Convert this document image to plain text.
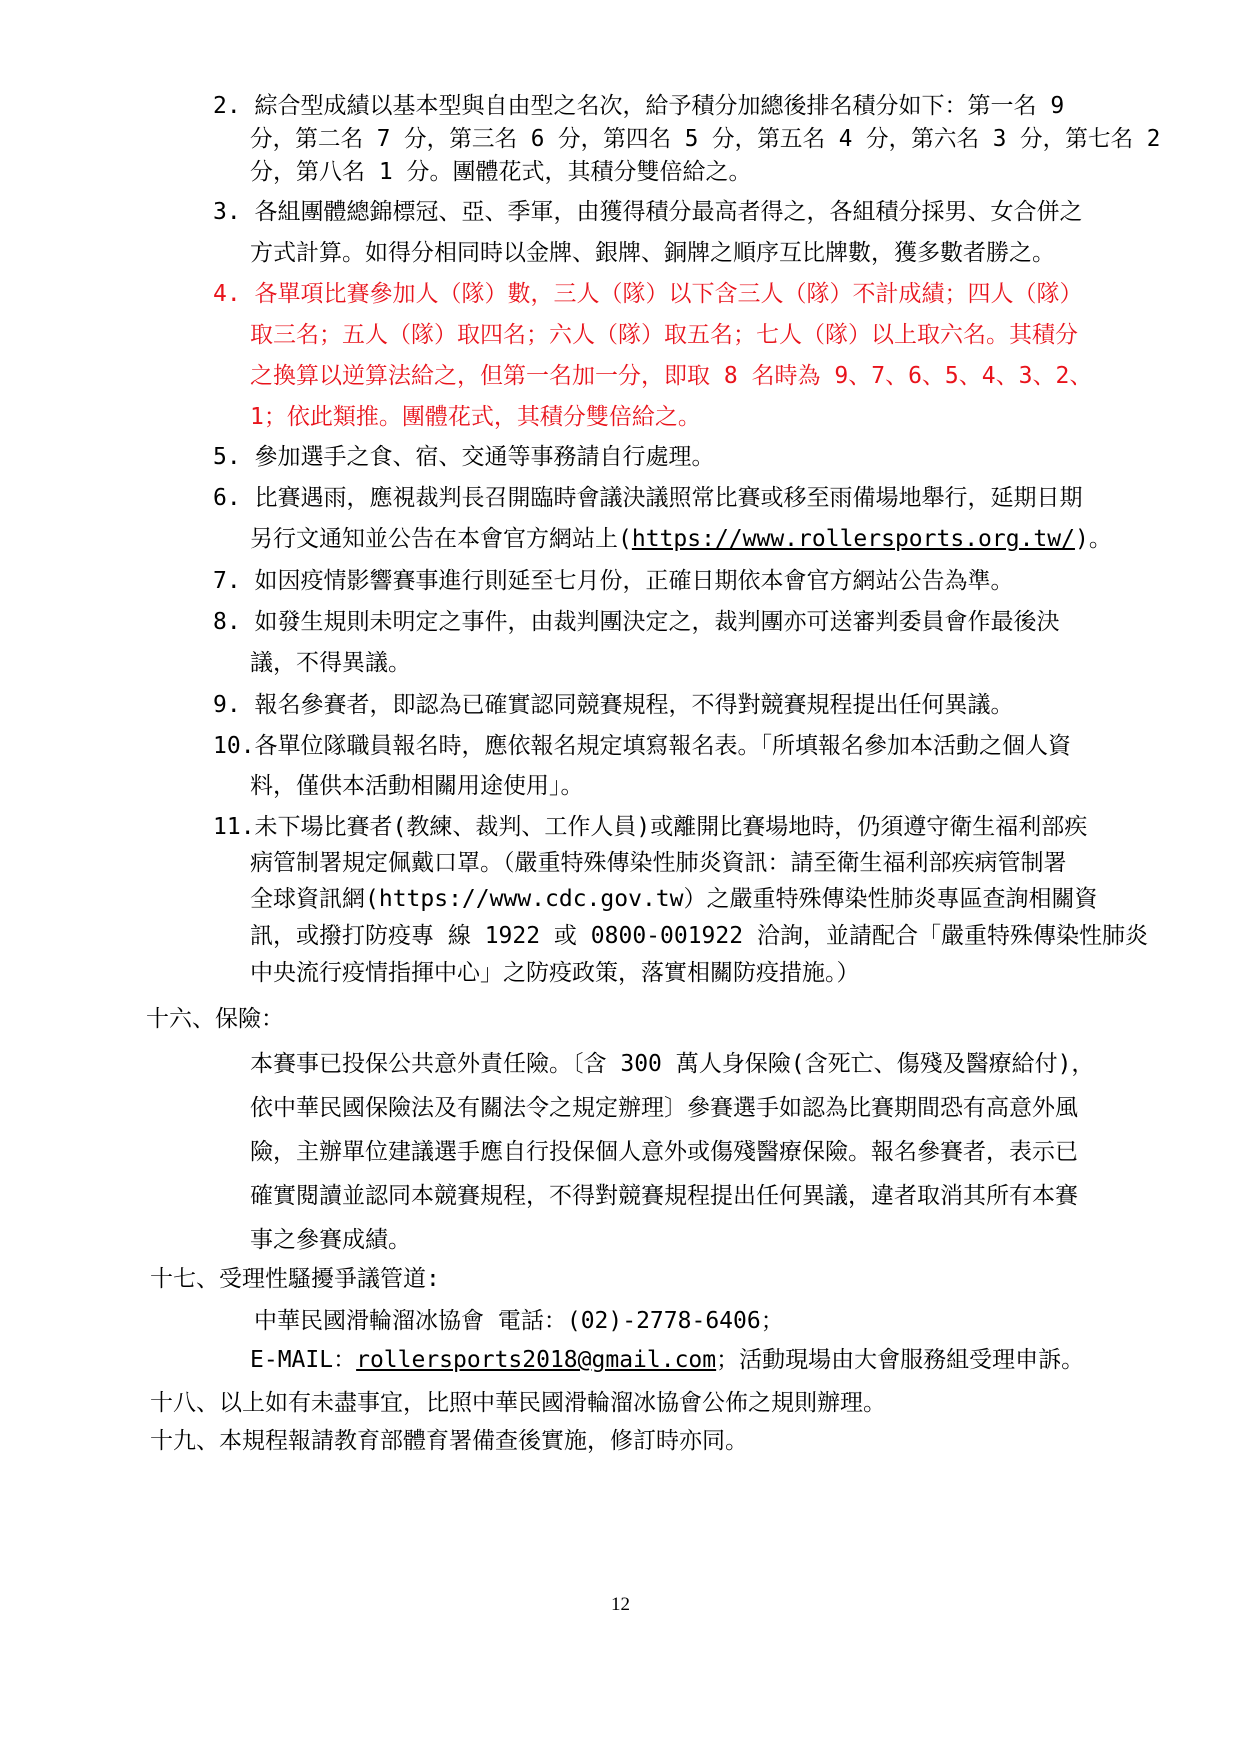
2. 綜合型成績以基本型與自由型之名次，給予積分加總後排名積分如下：第一名 9
分，第二名 7 分，第三名 6 分，第四名 5 分，第五名 4 分，第六名 3 分，第七名 2
分，第八名 1 分。團體花式，其積分雙倍給之。
3. 各組團體總錦標冠、亞、季軍，由獲得積分最高者得之，各組積分採男、女合併之
方式計算。如得分相同時以金牌、銀牌、銅牌之順序互比牌數，獲多數者勝之。
4. 各單項比賽參加人（隊）數，三人（隊）以下含三人（隊）不計成績；四人（隊）
取三名；五人（隊）取四名；六人（隊）取五名；七人（隊）以上取六名。其積分
之換算以逆算法給之，但第一名加一分，即取 8 名時為 9、7、6、5、4、3、2、
1；依此類推。團體花式，其積分雙倍給之。
5. 參加選手之食、宿、交通等事務請自行處理。
6. 比賽遇雨，應視裁判長召開臨時會議決議照常比賽或移至雨備場地舉行，延期日期
另行文通知並公告在本會官方網站上(https://www.rollersports.org.tw/)。
7. 如因疫情影響賽事進行則延至七月份，正確日期依本會官方網站公告為準。
8. 如發生規則未明定之事件，由裁判團決定之，裁判團亦可送審判委員會作最後決
議，不得異議。
9. 報名參賽者，即認為已確實認同競賽規程，不得對競賽規程提出任何異議。
10.各單位隊職員報名時，應依報名規定填寫報名表。「所填報名參加本活動之個人資
料，僅供本活動相關用途使用」。
11.未下場比賽者(教練、裁判、工作人員)或離開比賽場地時，仍須遵守衛生福利部疾
病管制署規定佩戴口罩。（嚴重特殊傳染性肺炎資訊：請至衛生福利部疾病管制署
全球資訊網(https://www.cdc.gov.tw）之嚴重特殊傳染性肺炎專區查詢相關資
訊，或撥打防疫專 線 1922 或 0800-001922 洽詢，並請配合「嚴重特殊傳染性肺炎
中央流行疫情指揮中心」之防疫政策，落實相關防疫措施。）
十六、保險：
本賽事已投保公共意外責任險。〔含 300 萬人身保險(含死亡、傷殘及醫療給付)，
依中華民國保險法及有關法令之規定辦理〕參賽選手如認為比賽期間恐有高意外風
險，主辦單位建議選手應自行投保個人意外或傷殘醫療保險。報名參賽者，表示已
確實閱讀並認同本競賽規程，不得對競賽規程提出任何異議，違者取消其所有本賽
事之參賽成績。
十七、受理性騷擾爭議管道:
中華民國滑輪溜冰協會 電話：(02)-2778-6406；
E-MAIL：rollersports2018@gmail.com；活動現場由大會服務組受理申訴。
十八、以上如有未盡事宜，比照中華民國滑輪溜冰協會公佈之規則辦理。
十九、本規程報請教育部體育署備查後實施，修訂時亦同。
12
